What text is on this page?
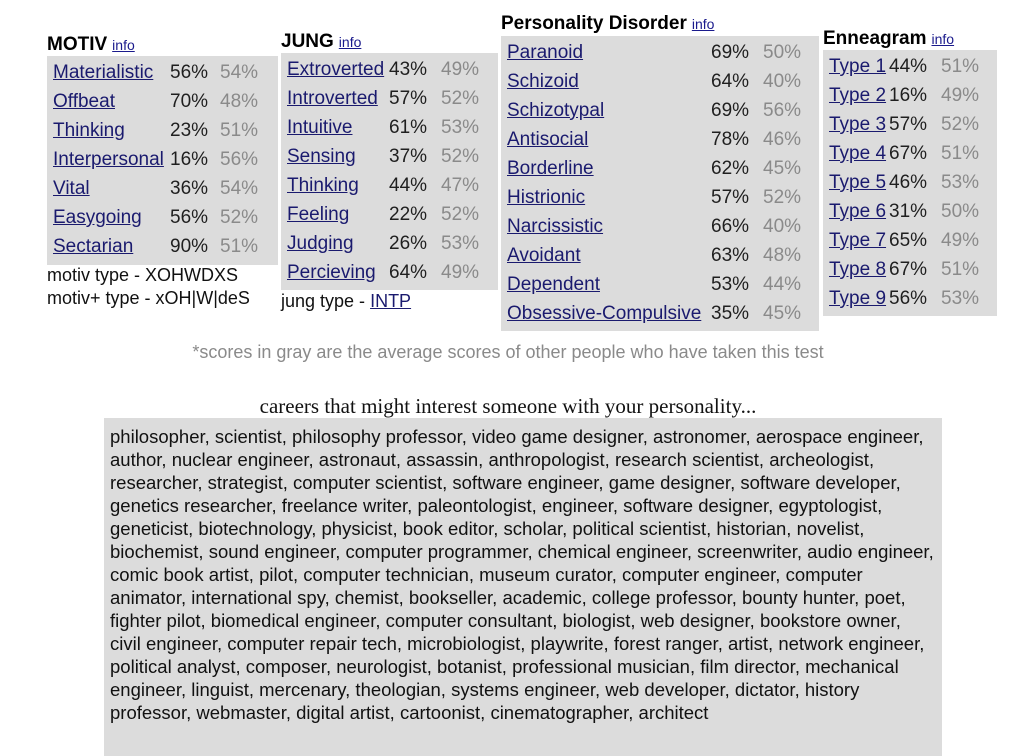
MOTIV info
Materialistic 56% 54%
Offbeat	70% 48%
Thinking 23% 51%
Interpersonal 16% 56%
Vital	36% 54%
Easygoing 56% 52%
Sectarian 90% 51%
motiv type - XOHWDXS
motiv+ type - xOH|W|deS
JUNG info
Extroverted 43% 49%
Introverted 57% 52%
Intuitive 61% 53%
Sensing 37% 52%
Thinking 44% 47%
Feeling 22% 52%
Judging 26% 53%
Percieving 64% 49%
jung type - INTP
Personality Disorder info
Paranoid	69% 50%
Schizoid	64% 40%
Schizotypal	69% 56%
Antisocial	78% 46%
Borderline	62% 45%
Histrionic	57% 52%
Narcissistic	66% 40%
Avoidant	63% 48%
Dependent	53% 44%
Obsessive-Compulsive 35% 45%
Enneagram info
Type 1 44% 51%
Type 2 16% 49%
Type 3 57% 52%
Type 4 67% 51%
Type 5 46% 53%
Type 6 31% 50%
Type 7 65% 49%
Type 8 67% 51%
Type 9 56% 53%
*scores in gray are the average scores of other people who have taken this test
careers that might interest someone with your personality...
philosopher, scientist, philosophy professor, video game designer, astronomer, aerospace engineer, author, nuclear engineer, astronaut, assassin, anthropologist, research scientist, archeologist, researcher, strategist, computer scientist, software engineer, game designer, software developer, genetics researcher, freelance writer, paleontologist, engineer, software designer, egyptologist, geneticist, biotechnology, physicist, book editor, scholar, political scientist, historian, novelist, biochemist, sound engineer, computer programmer, chemical engineer, screenwriter, audio engineer, comic book artist, pilot, computer technician, museum curator, computer engineer, computer animator, international spy, chemist, bookseller, academic, college professor, bounty hunter, poet, fighter pilot, biomedical engineer, computer consultant, biologist, web designer, bookstore owner, civil engineer, computer repair tech, microbiologist, playwrite, forest ranger, artist, network engineer, political analyst, composer, neurologist, botanist, professional musician, film director, mechanical engineer, linguist, mercenary, theologian, systems engineer, web developer, dictator, history professor, webmaster, digital artist, cartoonist, cinematographer, architect
